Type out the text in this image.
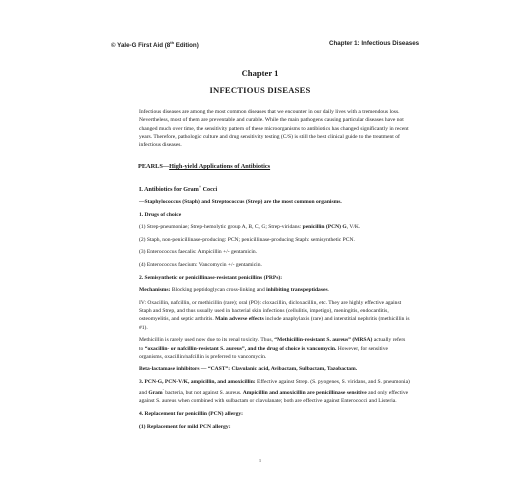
© Yale-G First Aid (8th Edition)	Chapter 1: Infectious Diseases
Chapter 1
INFECTIOUS DISEASES
Infectious diseases are among the most common diseases that we encounter in our daily lives with a tremendous loss. Nevertheless, most of them are preventable and curable. While the main pathogens causing particular diseases have not changed much over time, the sensitivity pattern of these microorganisms to antibiotics has changed significantly in recent years. Therefore, pathologic culture and drug sensitivity testing (C/S) is still the best clinical guide to the treatment of infectious diseases.
PEARLS—High-yield Applications of Antibiotics
I. Antibiotics for Gram+ Cocci

—Staphylococcus (Staph) and Streptococcus (Strep) are the most common organisms.

1. Drugs of choice

(1) Strep-pneumoniae; Strep-hemolytic group A, B, C, G; Strep-viridans: penicillin (PCN) G, V/K.

(2) Staph, non-penicillinase-producing: PCN; penicillinase-producing Staph: semisynthetic PCN.

(3) Enterococcus faecalis: Ampicillin +/- gentamicin.

(4) Enterococcus faecium: Vancomycin +/- gentamicin.

2. Semisynthetic or penicillinase-resistant penicillins (PRPs):

Mechanisms: Blocking peptidoglycan cross-linking and inhibiting transpeptidases.

IV: Oxacillin, nafcillin, or methicillin (rare); oral (PO): cloxacillin, dicloxacillin, etc. They are highly effective against Staph and Strep, and thus usually used in bacterial skin infections (cellulitis, impetigo), meningitis, endocarditis, osteomyelitis, and septic arthritis. Main adverse effects include anaphylaxis (rare) and interstitial nephritis (methicillin is #1).

Methicillin is rarely used now due to its renal toxicity. Thus, “Methicillin-resistant S. aureus” (MRSA) actually refers to “oxacillin- or nafcillin-resistant S. aureus”, and the drug of choice is vancomycin. However, for sensitive organisms, oxacillin/nafcillin is preferred to vancomycin.

Beta-lactamase inhibitors — “CAST”: Clavulanic acid, Avibactam, Sulbactam, Tazobactam.

3. PCN-G, PCN-V/K, ampicillin, and amoxicillin: Effective against Strep. (S. pyogenes, S. viridans, and S. pneumonia) and Gram- bacteria, but not against S. aureus. Ampicillin and amoxicillin are penicillinase sensitive and only effective against S. aureus when combined with sulbactam or clavulanate; both are effective against Enterococci and Listeria.

4. Replacement for penicillin (PCN) allergy:

(1) Replacement for mild PCN allergy:

1
